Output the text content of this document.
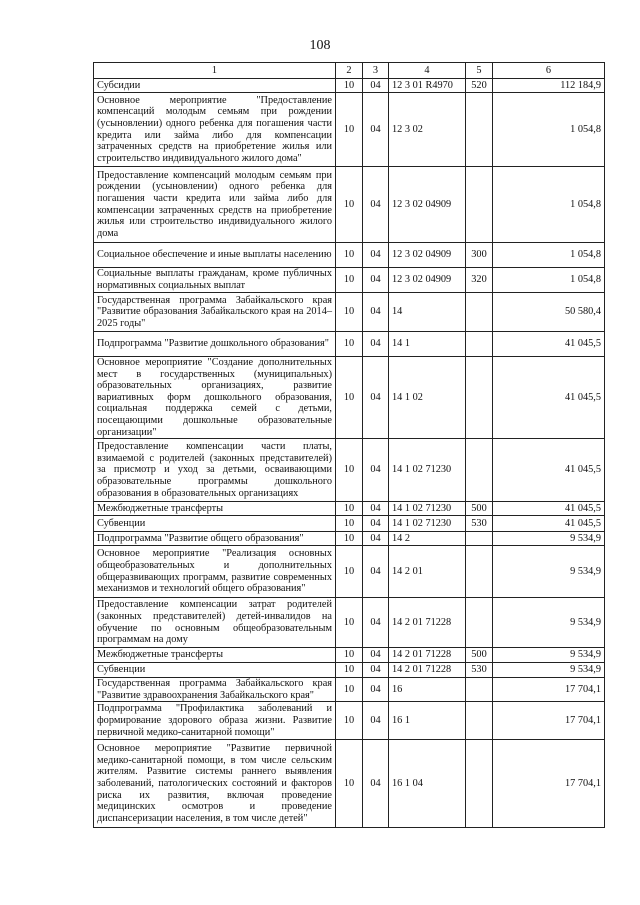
108
1	2	3	4	5	6
Субсидии	10	04	12 3 01 R4970	520	112 184,9
Основное мероприятие "Предоставление компенсаций молодым семьям при рождении (усыновлении) одного ребенка для погашения части кредита или займа либо для компенсации затраченных средств на приобретение жилья или строительство индивидуального жилого дома"	10	04	12 3 02		1 054,8
Предоставление компенсаций молодым семьям при рождении (усыновлении) одного ребенка для погашения части кредита или займа либо для компенсации затраченных средств на приобретение жилья или строительство индивидуального жилого дома	10	04	12 3 02 04909		1 054,8
Социальное обеспечение и иные выплаты населению	10	04	12 3 02 04909	300	1 054,8
Социальные выплаты гражданам, кроме публичных нормативных социальных выплат	10	04	12 3 02 04909	320	1 054,8
Государственная программа Забайкальского края "Развитие образования Забайкальского края на 2014–2025 годы"	10	04	14		50 580,4
Подпрограмма "Развитие дошкольного образования"	10	04	14 1		41 045,5
Основное мероприятие "Создание дополнительных мест в государственных (муниципальных) образовательных организациях, развитие вариативных форм дошкольного образования, социальная поддержка семей с детьми, посещающими дошкольные образовательные организации"	10	04	14 1 02		41 045,5
Предоставление компенсации части платы, взимаемой с родителей (законных представителей) за присмотр и уход за детьми, осваивающими образовательные программы дошкольного образования в образовательных организациях	10	04	14 1 02 71230		41 045,5
Межбюджетные трансферты	10	04	14 1 02 71230	500	41 045,5
Субвенции	10	04	14 1 02 71230	530	41 045,5
Подпрограмма "Развитие общего образования"	10	04	14 2		9 534,9
Основное мероприятие "Реализация основных общеобразовательных и дополнительных общеразвивающих программ, развитие современных механизмов и технологий общего образования"	10	04	14 2 01		9 534,9
Предоставление компенсации затрат родителей (законных представителей) детей-инвалидов на обучение по основным общеобразовательным программам на дому	10	04	14 2 01 71228		9 534,9
Межбюджетные трансферты	10	04	14 2 01 71228	500	9 534,9
Субвенции	10	04	14 2 01 71228	530	9 534,9
Государственная программа Забайкальского края "Развитие здравоохранения Забайкальского края"	10	04	16		17 704,1
Подпрограмма "Профилактика заболеваний и формирование здорового образа жизни. Развитие первичной медико-санитарной помощи"	10	04	16 1		17 704,1
Основное мероприятие "Развитие первичной медико-санитарной помощи, в том числе сельским жителям. Развитие системы раннего выявления заболеваний, патологических состояний и факторов риска их развития, включая проведение медицинских осмотров и проведение диспансеризации населения, в том числе детей"	10	04	16 1 04		17 704,1
